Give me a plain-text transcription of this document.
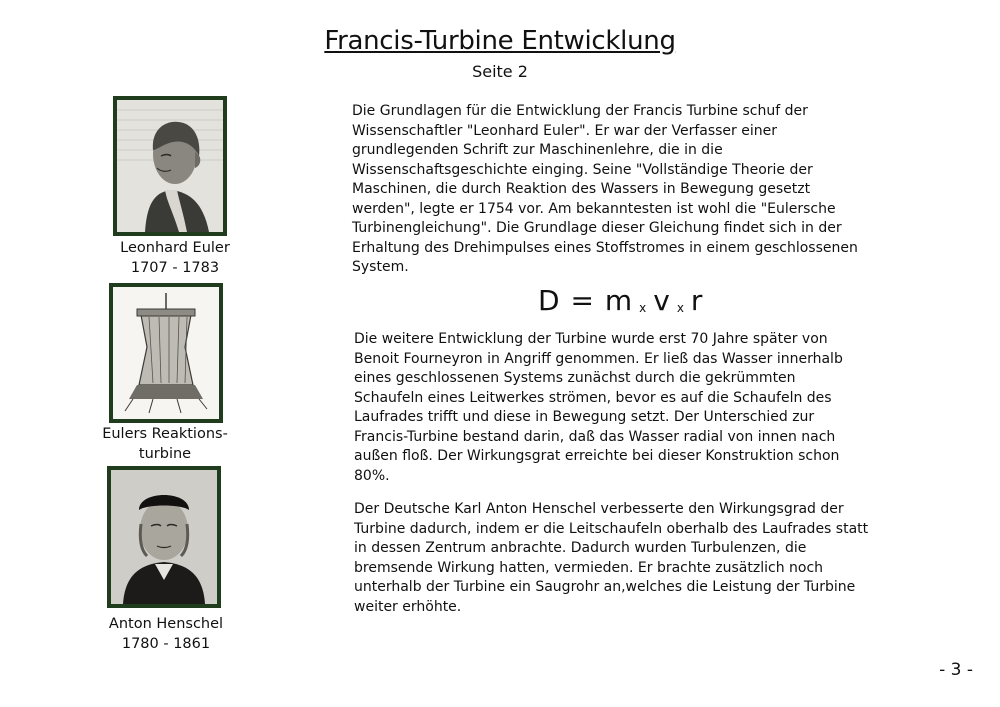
Francis-Turbine Entwicklung
Seite 2
Leonhard Euler
1707 - 1783
Eulers Reaktions-
turbine
Anton Henschel
1780 - 1861

Die Grundlagen für die Entwicklung der Francis Turbine schuf der Wissenschaftler "Leonhard Euler". Er war der Verfasser einer grundlegenden Schrift zur Maschinenlehre, die in die Wissenschaftsgeschichte einging. Seine "Vollständige Theorie der Maschinen, die durch Reaktion des Wassers in Bewegung gesetzt werden", legte er 1754 vor. Am bekanntesten ist wohl die "Eulersche Turbinengleichung". Die Grundlage dieser Gleichung findet sich in der Erhaltung des Drehimpulses eines Stoffstromes in einem geschlossenen System.

D = m x v x r

Die weitere Entwicklung der Turbine wurde erst 70 Jahre später von Benoit Fourneyron in Angriff genommen. Er ließ das Wasser innerhalb eines geschlossenen Systems zunächst durch die gekrümmten Schaufeln eines Leitwerkes strömen, bevor es auf die Schaufeln des Laufrades trifft und diese in Bewegung setzt. Der Unterschied zur Francis-Turbine bestand darin, daß das Wasser radial von innen nach außen floß. Der Wirkungsgrat erreichte bei dieser Konstruktion schon 80%.

Der Deutsche Karl Anton Henschel verbesserte den Wirkungsgrad der Turbine dadurch, indem er die Leitschaufeln oberhalb des Laufrades statt in dessen Zentrum anbrachte. Dadurch wurden Turbulenzen, die bremsende Wirkung hatten, vermieden. Er brachte zusätzlich noch unterhalb der Turbine ein Saugrohr an,welches die Leistung der Turbine weiter erhöhte.

- 3 -
